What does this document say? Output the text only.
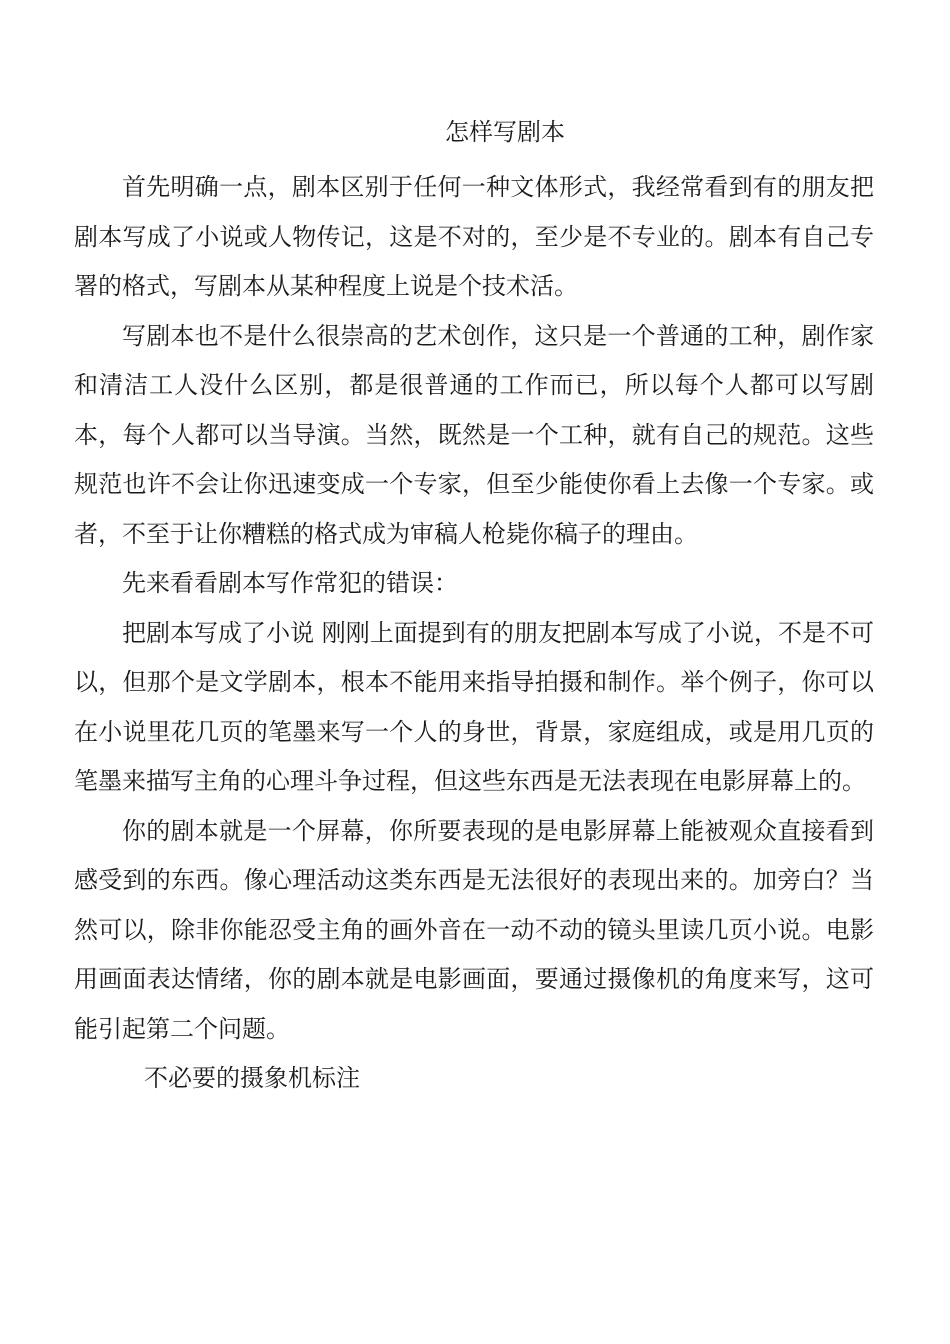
怎样写剧本

首先明确一点，剧本区别于任何一种文体形式，我经常看到有的朋友把剧本写成了小说或人物传记，这是不对的，至少是不专业的。剧本有自己专署的格式，写剧本从某种程度上说是个技术活。

写剧本也不是什么很崇高的艺术创作，这只是一个普通的工种，剧作家和清洁工人没什么区别，都是很普通的工作而已，所以每个人都可以写剧本，每个人都可以当导演。当然，既然是一个工种，就有自己的规范。这些规范也许不会让你迅速变成一个专家，但至少能使你看上去像一个专家。或者，不至于让你糟糕的格式成为审稿人枪毙你稿子的理由。

先来看看剧本写作常犯的错误：

把剧本写成了小说 刚刚上面提到有的朋友把剧本写成了小说，不是不可以，但那个是文学剧本，根本不能用来指导拍摄和制作。举个例子，你可以在小说里花几页的笔墨来写一个人的身世，背景，家庭组成，或是用几页的笔墨来描写主角的心理斗争过程，但这些东西是无法表现在电影屏幕上的。

你的剧本就是一个屏幕，你所要表现的是电影屏幕上能被观众直接看到感受到的东西。像心理活动这类东西是无法很好的表现出来的。加旁白？当然可以，除非你能忍受主角的画外音在一动不动的镜头里读几页小说。电影用画面表达情绪，你的剧本就是电影画面，要通过摄像机的角度来写，这可能引起第二个问题。

不必要的摄象机标注
